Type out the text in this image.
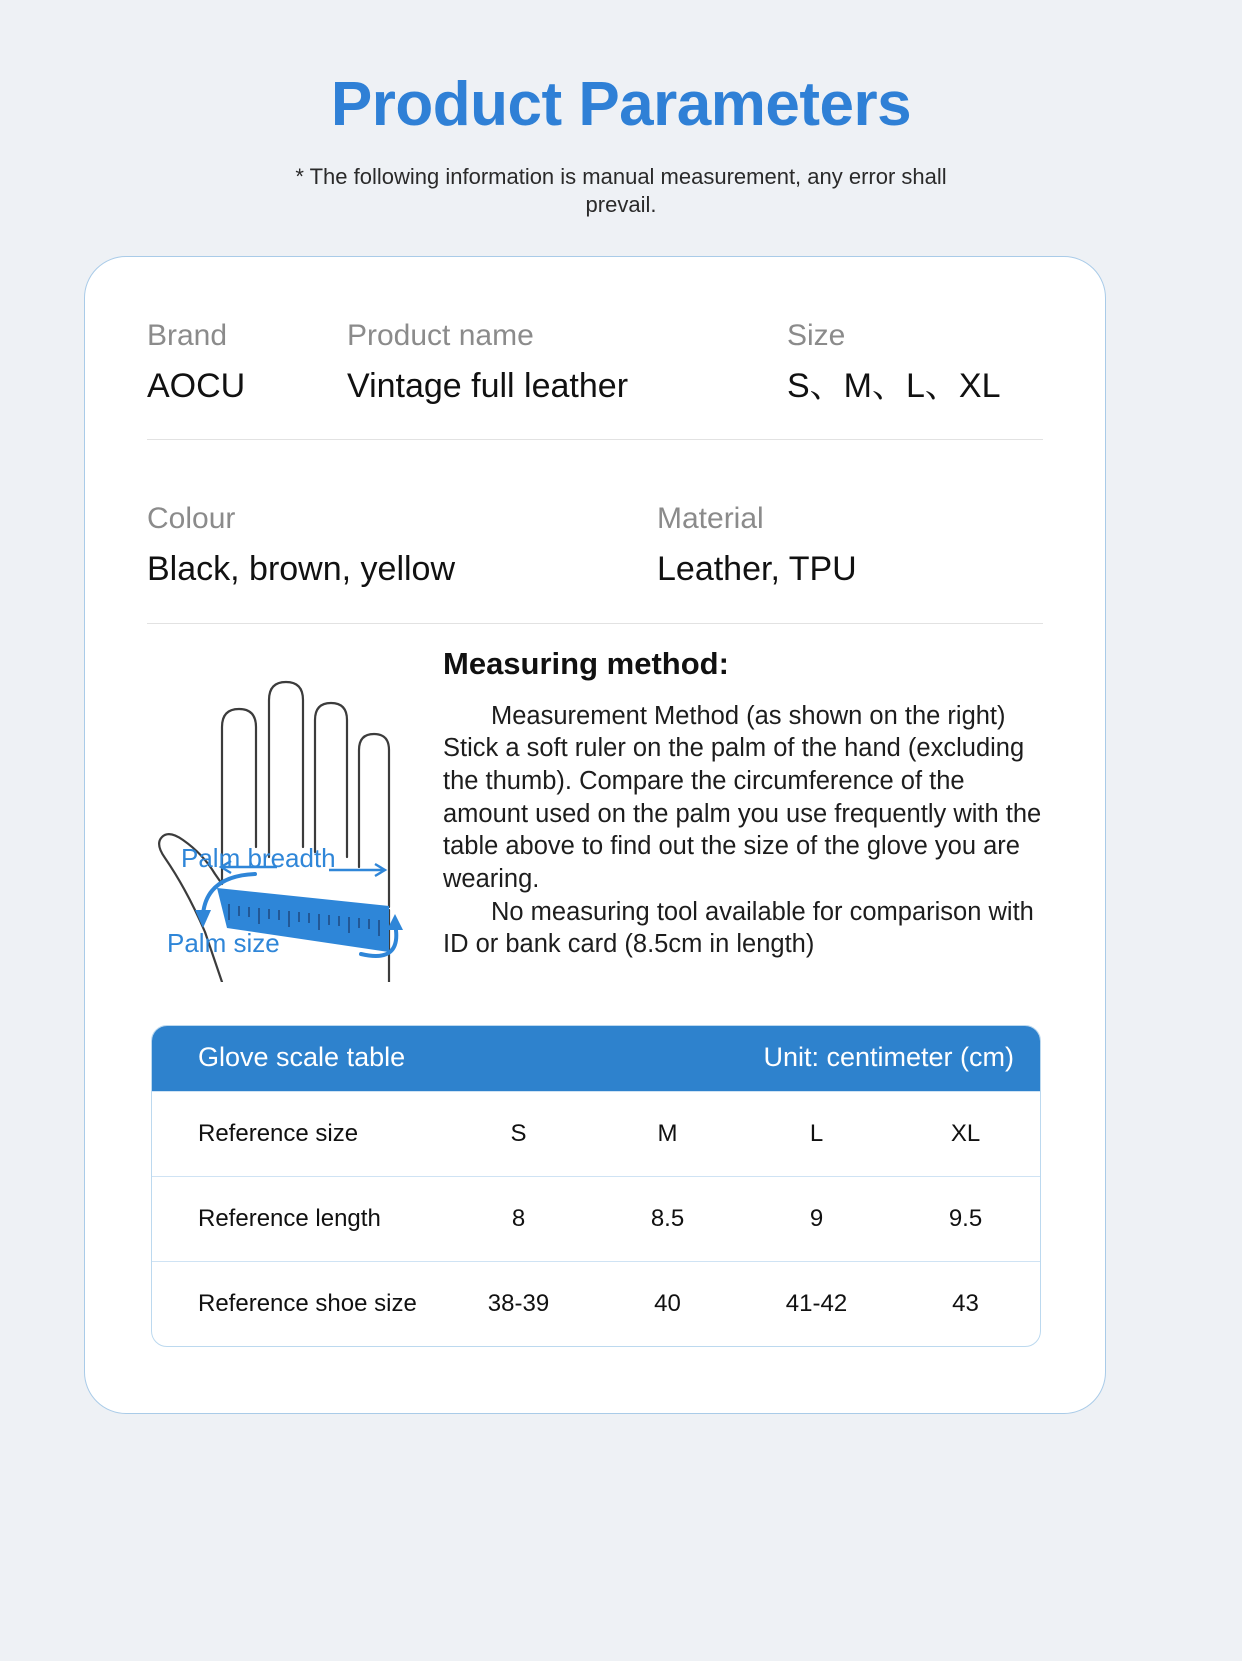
Product Parameters
* The following information is manual measurement, any error shall prevail.
Brand	Product name	Size
AOCU	Vintage full leather	S、M、L、XL
Colour	Material
Black, brown, yellow	Leather, TPU
Palm breadth
Palm size
Measuring method:

Measurement Method (as shown on the right) Stick a soft ruler on the palm of the hand (excluding the thumb). Compare the circumference of the amount used on the palm you use frequently with the table above to find out the size of the glove you are wearing.

No measuring tool available for comparison with ID or bank card (8.5cm in length)

Glove scale table	Unit: centimeter (cm)
Reference size	S	M	L	XL
Reference length	8	8.5	9	9.5
Reference shoe size	38-39	40	41-42	43
